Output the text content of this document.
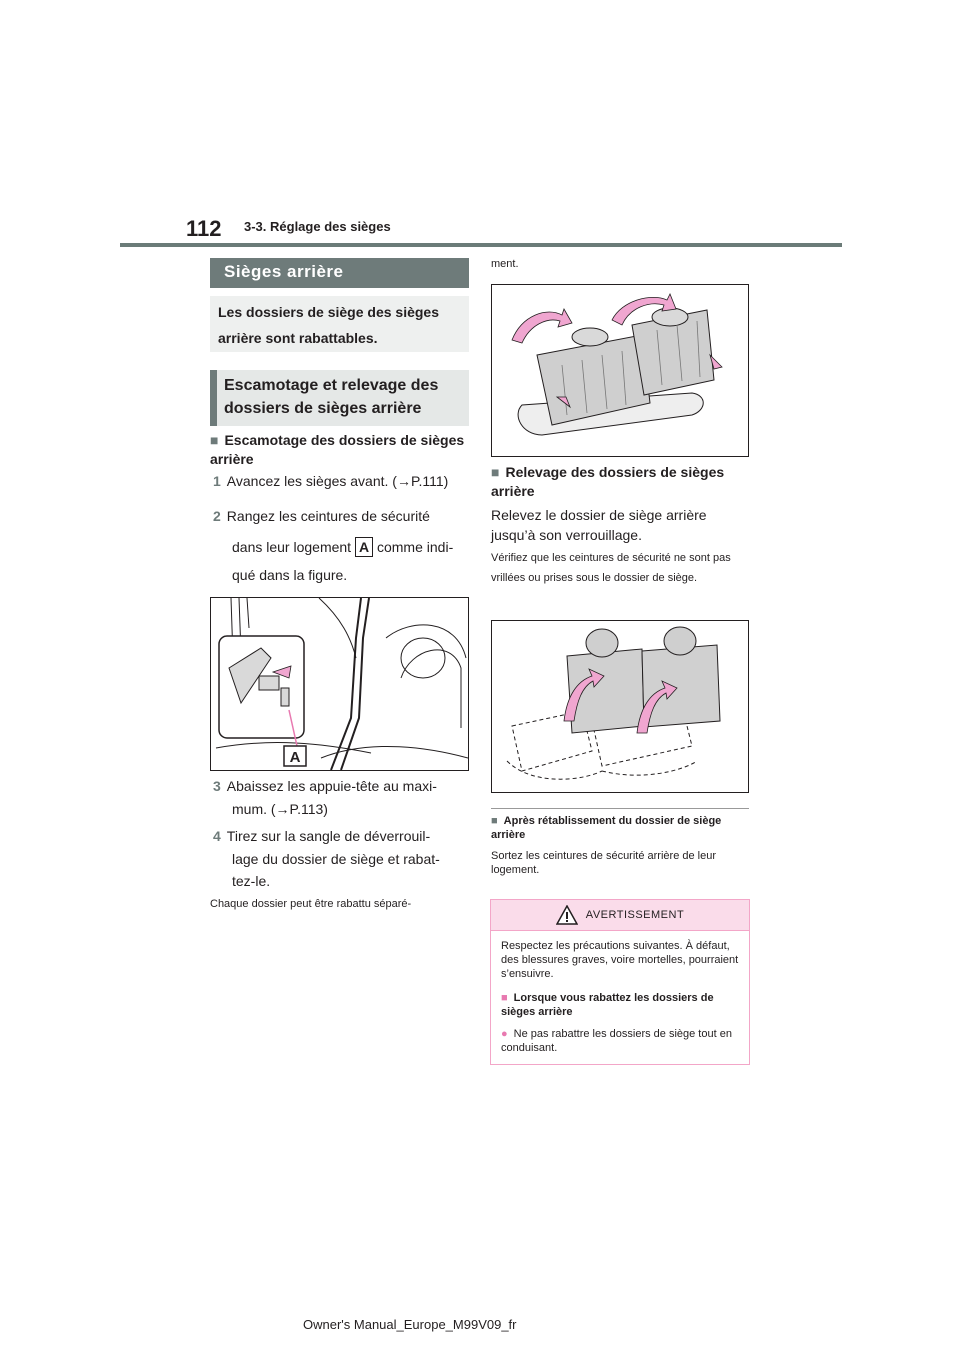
112 3-3. Réglage des sièges
Sièges arrière
Les dossiers de siège des sièges arrière sont rabattables.
Escamotage et relevage des dossiers de sièges arrière
■ Escamotage des dossiers de sièges arrière
1 Avancez les sièges avant. (→P.111)
2 Rangez les ceintures de sécurité
dans leur logement A comme indi-
qué dans la figure.
A
3 Abaissez les appuie-tête au maxi-
mum. (→P.113)
4 Tirez sur la sangle de déverrouil-
lage du dossier de siège et rabat-
tez-le.
Chaque dossier peut être rabattu séparé-
ment.
■ Relevage des dossiers de sièges arrière
Relevez le dossier de siège arrière jusqu’à son verrouillage.
Vérifiez que les ceintures de sécurité ne sont pas vrillées ou prises sous le dossier de siège.
■ Après rétablissement du dossier de siège arrière
Sortez les ceintures de sécurité arrière de leur logement.
AVERTISSEMENT
Respectez les précautions suivantes. À défaut, des blessures graves, voire mortelles, pourraient s’ensuivre.
■ Lorsque vous rabattez les dossiers de sièges arrière
● Ne pas rabattre les dossiers de siège tout en conduisant.
Owner's Manual_Europe_M99V09_fr
